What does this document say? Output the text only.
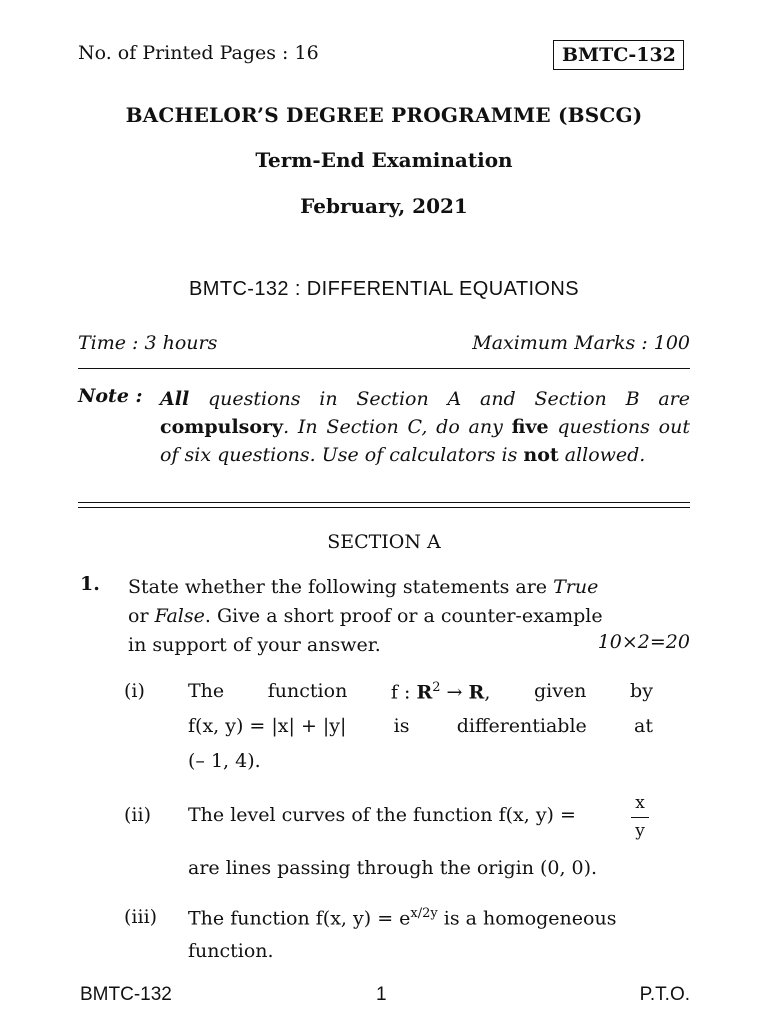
No. of Printed Pages : 16	BMTC-132
BACHELOR’S DEGREE PROGRAMME (BSCG)
Term-End Examination
February, 2021
BMTC-132 : DIFFERENTIAL EQUATIONS
Time : 3 hours	Maximum Marks : 100
Note : All questions in Section A and Section B are compulsory. In Section C, do any five questions out of six questions. Use of calculators is not allowed.
SECTION A
1. State whether the following statements are True
or False. Give a short proof or a counter-example
in support of your answer.	10×2=20
(i) The function f : $R^2 \to R$, given by
f(x, y) = |x| + |y| is differentiable at
(– 1, 4).
(ii) The level curves of the function f(x, y) =
x
y
are lines passing through the origin (0, 0).
(iii) The function f(x, $y) = e^{x/2y}$ is a homogeneous
function.
BMTC-132	1	P.T.O.
